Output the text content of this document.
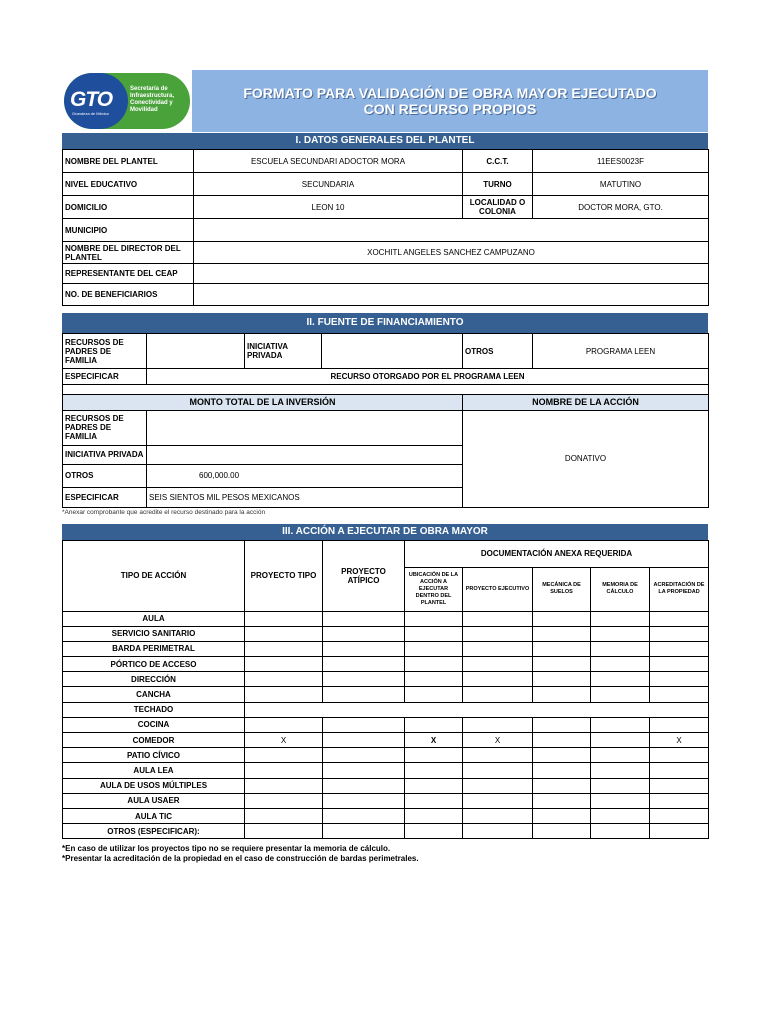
GTO
Grandeza de México
Secretaría de Infraestructura, Conectividad y Movilidad
FORMATO PARA VALIDACIÓN DE OBRA MAYOR EJECUTADO
CON RECURSO PROPIOS
I. DATOS GENERALES DEL PLANTEL
NOMBRE DEL PLANTEL	ESCUELA SECUNDARI ADOCTOR MORA	C.C.T.	11EES0023F
NIVEL EDUCATIVO	SECUNDARIA	TURNO	MATUTINO
DOMICILIO	LEON 10	LOCALIDAD O COLONIA	DOCTOR MORA, GTO.
MUNICIPIO			
NOMBRE DEL DIRECTOR DEL PLANTEL	XOCHITL ANGELES SANCHEZ CAMPUZANO		
REPRESENTANTE DEL CEAP			
NO. DE BENEFICIARIOS			
II. FUENTE DE FINANCIAMIENTO
RECURSOS DE PADRES DE FAMILIA		INICIATIVA PRIVADA		OTROS	PROGRAMA LEEN
ESPECIFICAR	RECURSO OTORGADO POR EL PROGRAMA LEEN				

MONTO TOTAL DE LA INVERSIÓN		NOMBRE DE LA ACCIÓN
RECURSOS DE PADRES DE FAMILIA		DONATIVO
INICIATIVA PRIVADA		
OTROS	600,000.00	
ESPECIFICAR	SEIS SIENTOS MIL PESOS MEXICANOS	
*Anexar comprobante que acredite el recurso destinado para la acción
III. ACCIÓN A EJECUTAR DE OBRA MAYOR
TIPO DE ACCIÓN	PROYECTO TIPO	PROYECTO ATÍPICO	DOCUMENTACIÓN ANEXA REQUERIDA				
			UBICACIÓN DE LA ACCIÓN A EJECUTAR DENTRO DEL PLANTEL	PROYECTO EJECUTIVO	MECÁNICA DE SUELOS	MEMORIA DE CÁLCULO	ACREDITACIÓN DE LA PROPIEDAD
AULA							
SERVICIO SANITARIO							
BARDA PERIMETRAL							
PÓRTICO DE ACCESO							
DIRECCIÓN							
CANCHA							
TECHADO							
COCINA							
COMEDOR	X		X	X			X
PATIO CÍVICO							
AULA LEA							
AULA DE USOS MÚLTIPLES							
AULA USAER							
AULA TIC							
OTROS (ESPECIFICAR):							
*En caso de utilizar los proyectos tipo no se requiere presentar la memoria de cálculo.
*Presentar la acreditación de la propiedad en el caso de construcción de bardas perimetrales.
